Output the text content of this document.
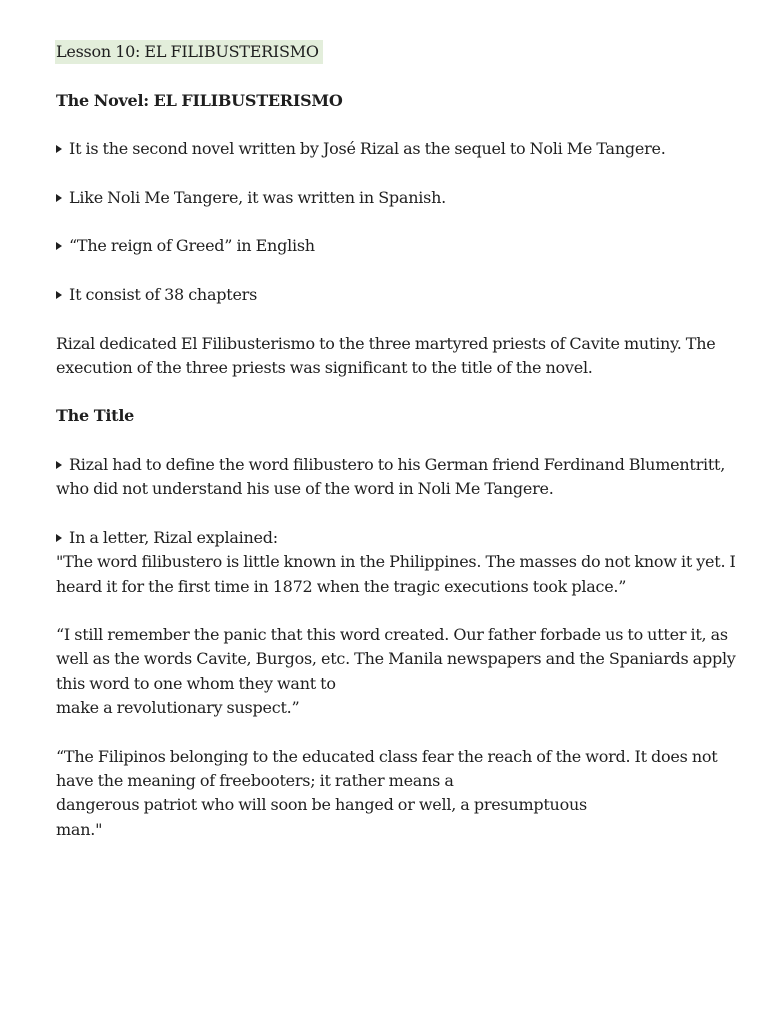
Lesson 10: EL FILIBUSTERISMO

The Novel: EL FILIBUSTERISMO

It is the second novel written by José Rizal as the sequel to Noli Me Tangere.

Like Noli Me Tangere, it was written in Spanish.

“The reign of Greed” in English

It consist of 38 chapters

Rizal dedicated El Filibusterismo to the three martyred priests of Cavite mutiny. The execution of the three priests was significant to the title of the novel.

The Title

Rizal had to define the word filibustero to his German friend Ferdinand Blumentritt, who did not understand his use of the word in Noli Me Tangere.

In a letter, Rizal explained:
"The word filibustero is little known in the Philippines. The masses do not know it yet. I heard it for the first time in 1872 when the tragic executions took place.”

“I still remember the panic that this word created. Our father forbade us to utter it, as well as the words Cavite, Burgos, etc. The Manila newspapers and the Spaniards apply this word to one whom they want to
make a revolutionary suspect.”

“The Filipinos belonging to the educated class fear the reach of the word. It does not have the meaning of freebooters; it rather means a
dangerous patriot who will soon be hanged or well, a presumptuous
man."
